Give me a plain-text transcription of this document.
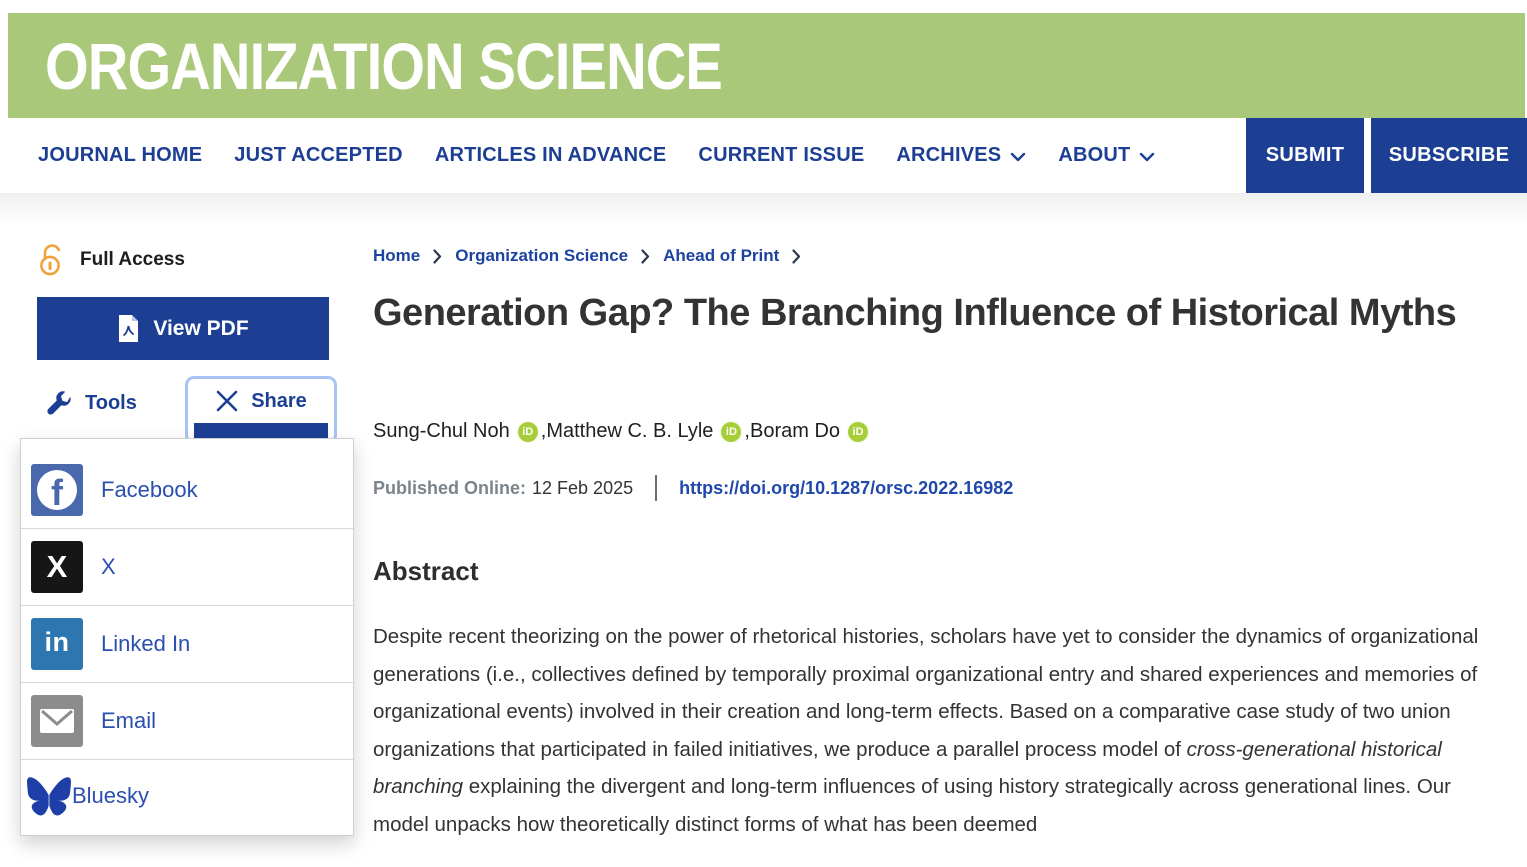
ORGANIZATION SCIENCE
JOURNAL HOME JUST ACCEPTED ARTICLES IN ADVANCE CURRENT ISSUE ARCHIVES	ABOUT	SUBMIT	SUBSCRIBE
Full Access
View PDF
Tools	Share
f Facebook
X X
in Linked In
Email
Bluesky
Home Organization Science Ahead of Print
Generation Gap? The Branching Influence of Historical Myths
Sung-Chul Noh	iD , Matthew C. B. Lyle	iD , Boram Do	iD
Published Online: 12 Feb 2025	https://doi.org/10.1287/orsc.2022.16982
Abstract

Despite recent theorizing on the power of rhetorical histories, scholars have yet to consider the dynamics of organizational generations (i.e., collectives defined by temporally proximal organizational entry and shared experiences and memories of organizational events) involved in their creation and long-term effects. Based on a comparative case study of two union organizations that participated in failed initiatives, we produce a parallel process model of cross-generational historical branching explaining the divergent and long-term influences of using history strategically across generational lines. Our model unpacks how theoretically distinct forms of what has been deemed
